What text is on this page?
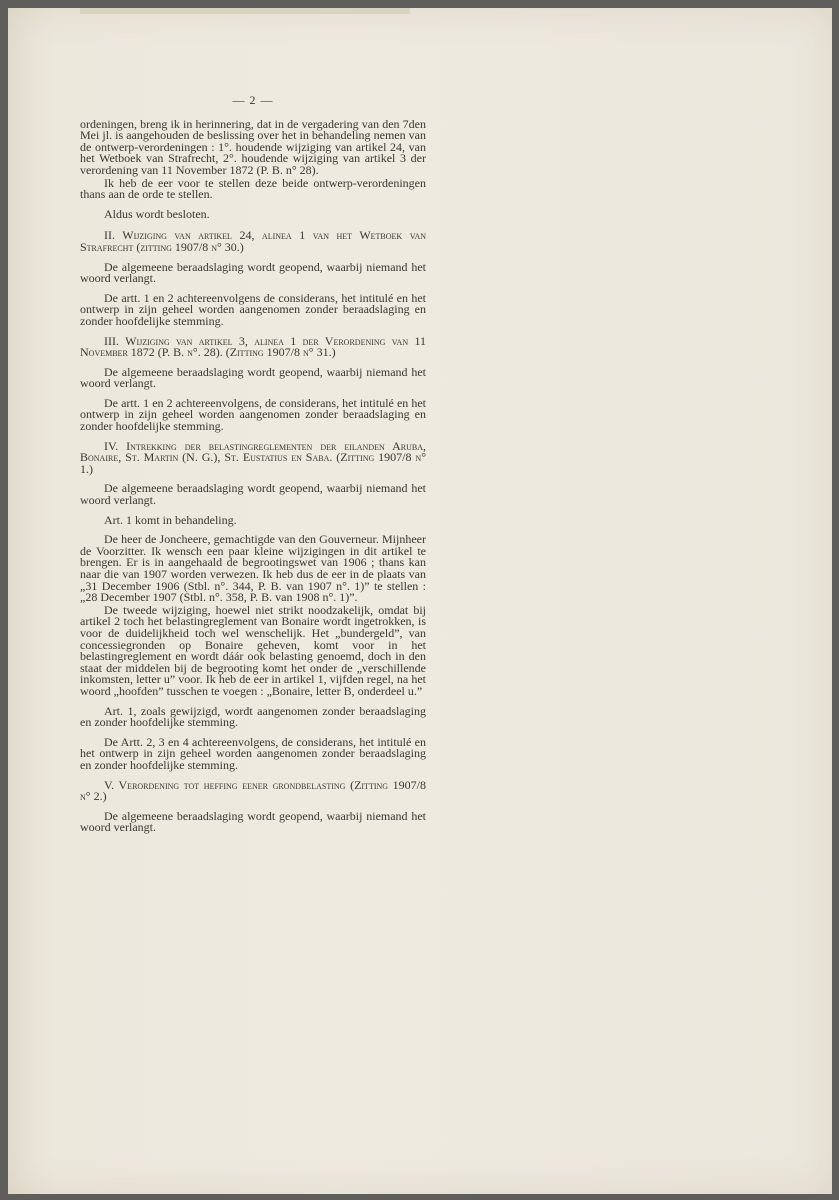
— 2 —

ordeningen, breng ik in herinnering, dat in de vergadering van den 7den Mei jl. is aangehouden de beslissing over het in behandeling nemen van de ontwerp-verordeningen : 1°. houdende wijziging van artikel 24, van het Wetboek van Strafrecht, 2°. houdende wijziging van artikel 3 der verordening van 11 November 1872 (P. B. n° 28).

Ik heb de eer voor te stellen deze beide ontwerp-verordeningen thans aan de orde te stellen.

Aldus wordt besloten.

II. Wijziging van artikel 24, alinea 1 van het Wetboek van Strafrecht (zitting 1907/8 n° 30.)

De algemeene beraadslaging wordt geopend, waarbij niemand het woord verlangt.

De artt. 1 en 2 achtereenvolgens de considerans, het intitulé en het ontwerp in zijn geheel worden aangenomen zonder beraadslaging en zonder hoofdelijke stemming.

III. Wijziging van artikel 3, alinea 1 der Verordening van 11 November 1872 (P. B. n°. 28). (Zitting 1907/8 n° 31.)

De algemeene beraadslaging wordt geopend, waarbij niemand het woord verlangt.

De artt. 1 en 2 achtereenvolgens, de considerans, het intitulé en het ontwerp in zijn geheel worden aangenomen zonder beraadslaging en zonder hoofdelijke stemming.

IV. Intrekking der belastingreglementen der eilanden Aruba, Bonaire, St. Martin (N. G.), St. Eustatius en Saba. (Zitting 1907/8 n° 1.)

De algemeene beraadslaging wordt geopend, waarbij niemand het woord verlangt.

Art. 1 komt in behandeling.

De heer de Joncheere, gemachtigde van den Gouverneur. Mijnheer de Voorzitter. Ik wensch een paar kleine wijzigingen in dit artikel te brengen. Er is in aangehaald de begrootingswet van 1906 ; thans kan naar die van 1907 worden verwezen. Ik heb dus de eer in de plaats van „31 December 1906 (Stbl. n°. 344, P. B. van 1907 n°. 1)” te stellen : „28 December 1907 (Stbl. n°. 358, P. B. van 1908 n°. 1)”.

De tweede wijziging, hoewel niet strikt noodzakelijk, omdat bij artikel 2 toch het belastingreglement van Bonaire wordt ingetrokken, is voor de duidelijkheid toch wel wenschelijk. Het „bundergeld”, van concessiegronden op Bonaire geheven, komt voor in het belastingreglement en wordt dáár ook belasting genoemd, doch in den staat der middelen bij de begrooting komt het onder de „verschillende inkomsten, letter u” voor. Ik heb de eer in artikel 1, vijfden regel, na het woord „hoofden” tusschen te voegen : „Bonaire, letter B, onderdeel u.”

Art. 1, zoals gewijzigd, wordt aangenomen zonder beraadslaging en zonder hoofdelijke stemming.

De Artt. 2, 3 en 4 achtereenvolgens, de considerans, het intitulé en het ontwerp in zijn geheel worden aangenomen zonder beraadslaging en zonder hoofdelijke stemming.

V. Verordening tot heffing eener grondbelasting (Zitting 1907/8 n° 2.)

De algemeene beraadslaging wordt geopend, waarbij niemand het woord verlangt.
